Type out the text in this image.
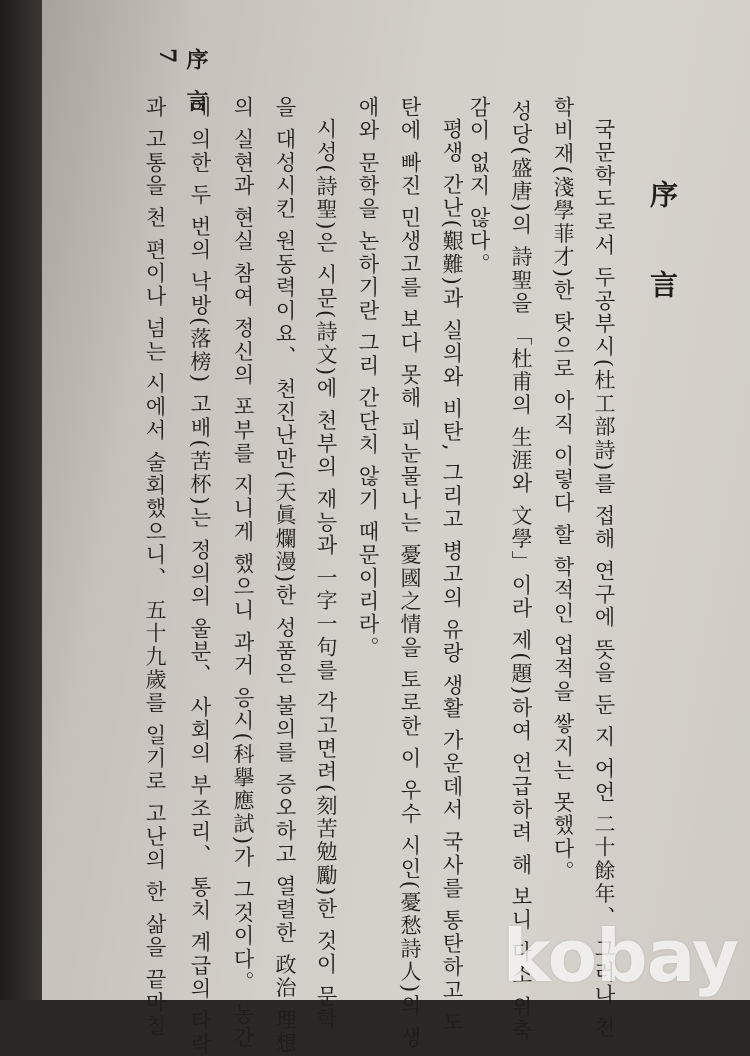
7 序 言
과 고통을 천 편이나 넘는 시에서 술회했으니、 五十九歲를 일기로 고난의 한 삶을 끝마칠 에 의한 두 번의 낙방(落榜) 고배(苦杯)는 정의의 울분、 사회의 부조리、 통치 계급의 타락 의 실현과 현실 참여 정신의 포부를 지니게 했으니 과거 응시(科擧應試)가 그것이다。 농간 을 대성시킨 원동력이요、 천진난만(天眞爛漫)한 성품은 불의를 증오하고 열렬한 政治 理想 시성(詩聖)은 시문(詩文)에 천부의 재능과 一字一句를 각고면려(刻苦勉勵)한 것이 문학 애와 문학을 논하기란 그리 간단치 않기 때문이리라。 탄에 빠진 민생고를 보다 못해 피눈물나는 憂國之情을 토로한 이 우수 시인(憂愁詩人)의 생 평생 간난(艱難)과 실의와 비탄, 그리고 병고의 유랑 생활 가운데서 국사를 통탄하고 도 감이 없지 않다。 성당(盛唐)의 詩聖을 「杜甫의 生涯와 文學」이라 제(題)하여 언급하려 해 보니 다소 위축 학비재(淺學菲才)한 탓으로 아직 이렇다 할 학적인 업적을 쌓지는 못했다。 국문학도로서 두공부시(杜工部詩)를 접해 연구에 뜻을 둔 지 어언 二十餘年、 그러나 천 序 言
kobay
